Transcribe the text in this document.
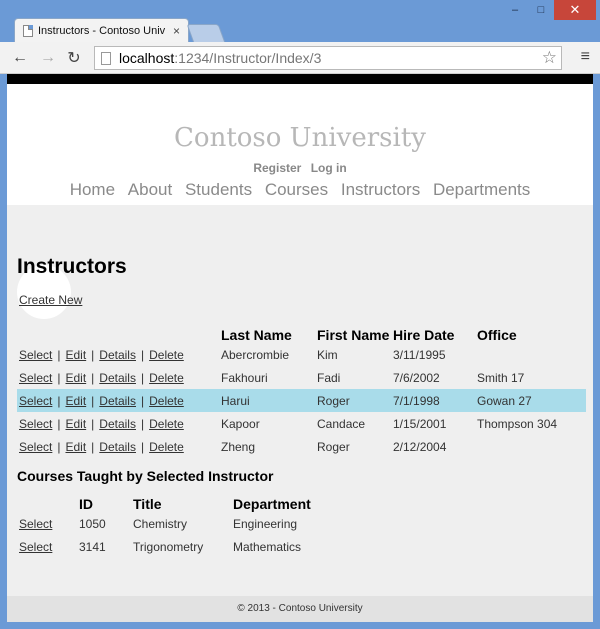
Instructors - Contoso Univ ×
–	□	✕
← → ↻	localhost :1234/Instructor/Index/3	☆ ≡
Contoso University
Register Log in
Home About Students Courses Instructors Departments
Instructors
Create New
	Last Name	First Name	Hire Date	Office
Select | Edit | Details | Delete	Abercrombie	Kim	3/11/1995	
Select | Edit | Details | Delete	Fakhouri	Fadi	7/6/2002	Smith 17
Select | Edit | Details | Delete	Harui	Roger	7/1/1998	Gowan 27
Select | Edit | Details | Delete	Kapoor	Candace	1/15/2001	Thompson 304
Select | Edit | Details | Delete	Zheng	Roger	2/12/2004	
Courses Taught by Selected Instructor
	ID	Title	Department
Select	1050	Chemistry	Engineering
Select	3141	Trigonometry	Mathematics
© 2013 - Contoso University
